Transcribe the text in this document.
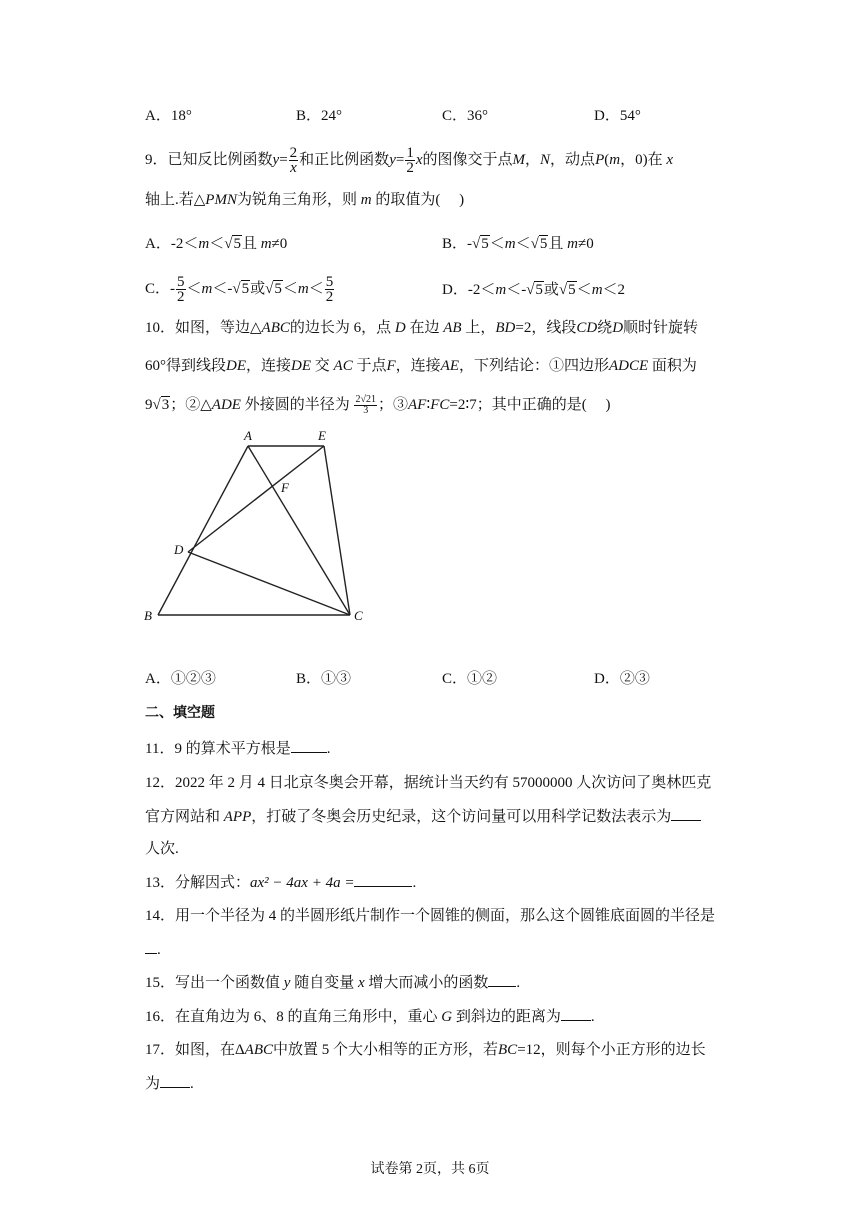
A．18°	B．24°	C．36°	D．54°
9．已知反比例函数$y= \frac{2}{x}$和正比例函数$y= \frac{1}{2}$ x的图像交于点M，N，动点P(m，0)在 x
轴上.若△PMN为锐角三角形，则 m 的取值为(　 )
A．-2＜m＜√5且 m≠0	B．-√5＜m＜√5且 m≠0
C．- $\frac{5}{2} <m<-√5$或$√5<m< \frac{5}{2}$	D．-2＜m＜-√5或√5＜m＜2
10．如图，等边△ABC的边长为 6，点 D 在边 AB 上，BD=2，线段CD绕D顺时针旋转
60°得到线段DE，连接DE 交 AC 于点F，连接AE，下列结论：①四边形ADCE 面积为
9√3；②△ADE 外接圆的半径为 $\frac{2√21}{3}$ ；③AF∶FC=2∶7；其中正确的是(　 )
A	E
F
D
B	C
A．①②③	B．①③	C．①②	D．②③
二、填空题
11．9 的算术平方根是 .
12．2022 年 2 月 4 日北京冬奥会开幕，据统计当天约有 57000000 人次访问了奥林匹克
官方网站和 APP，打破了冬奥会历史纪录，这个访问量可以用科学记数法表示为
人次.
13．分解因式：ax² − 4ax + 4a =	.
14．用一个半径为 4 的半圆形纸片制作一个圆锥的侧面，那么这个圆锥底面圆的半径是
.
15．写出一个函数值 y 随自变量 x 增大而减小的函数 .
16．在直角边为 6、8 的直角三角形中，重心 G 到斜边的距离为 .
17．如图，在ΔABC中放置 5 个大小相等的正方形，若BC=12，则每个小正方形的边长
为 .
试卷第 2页，共 6页
